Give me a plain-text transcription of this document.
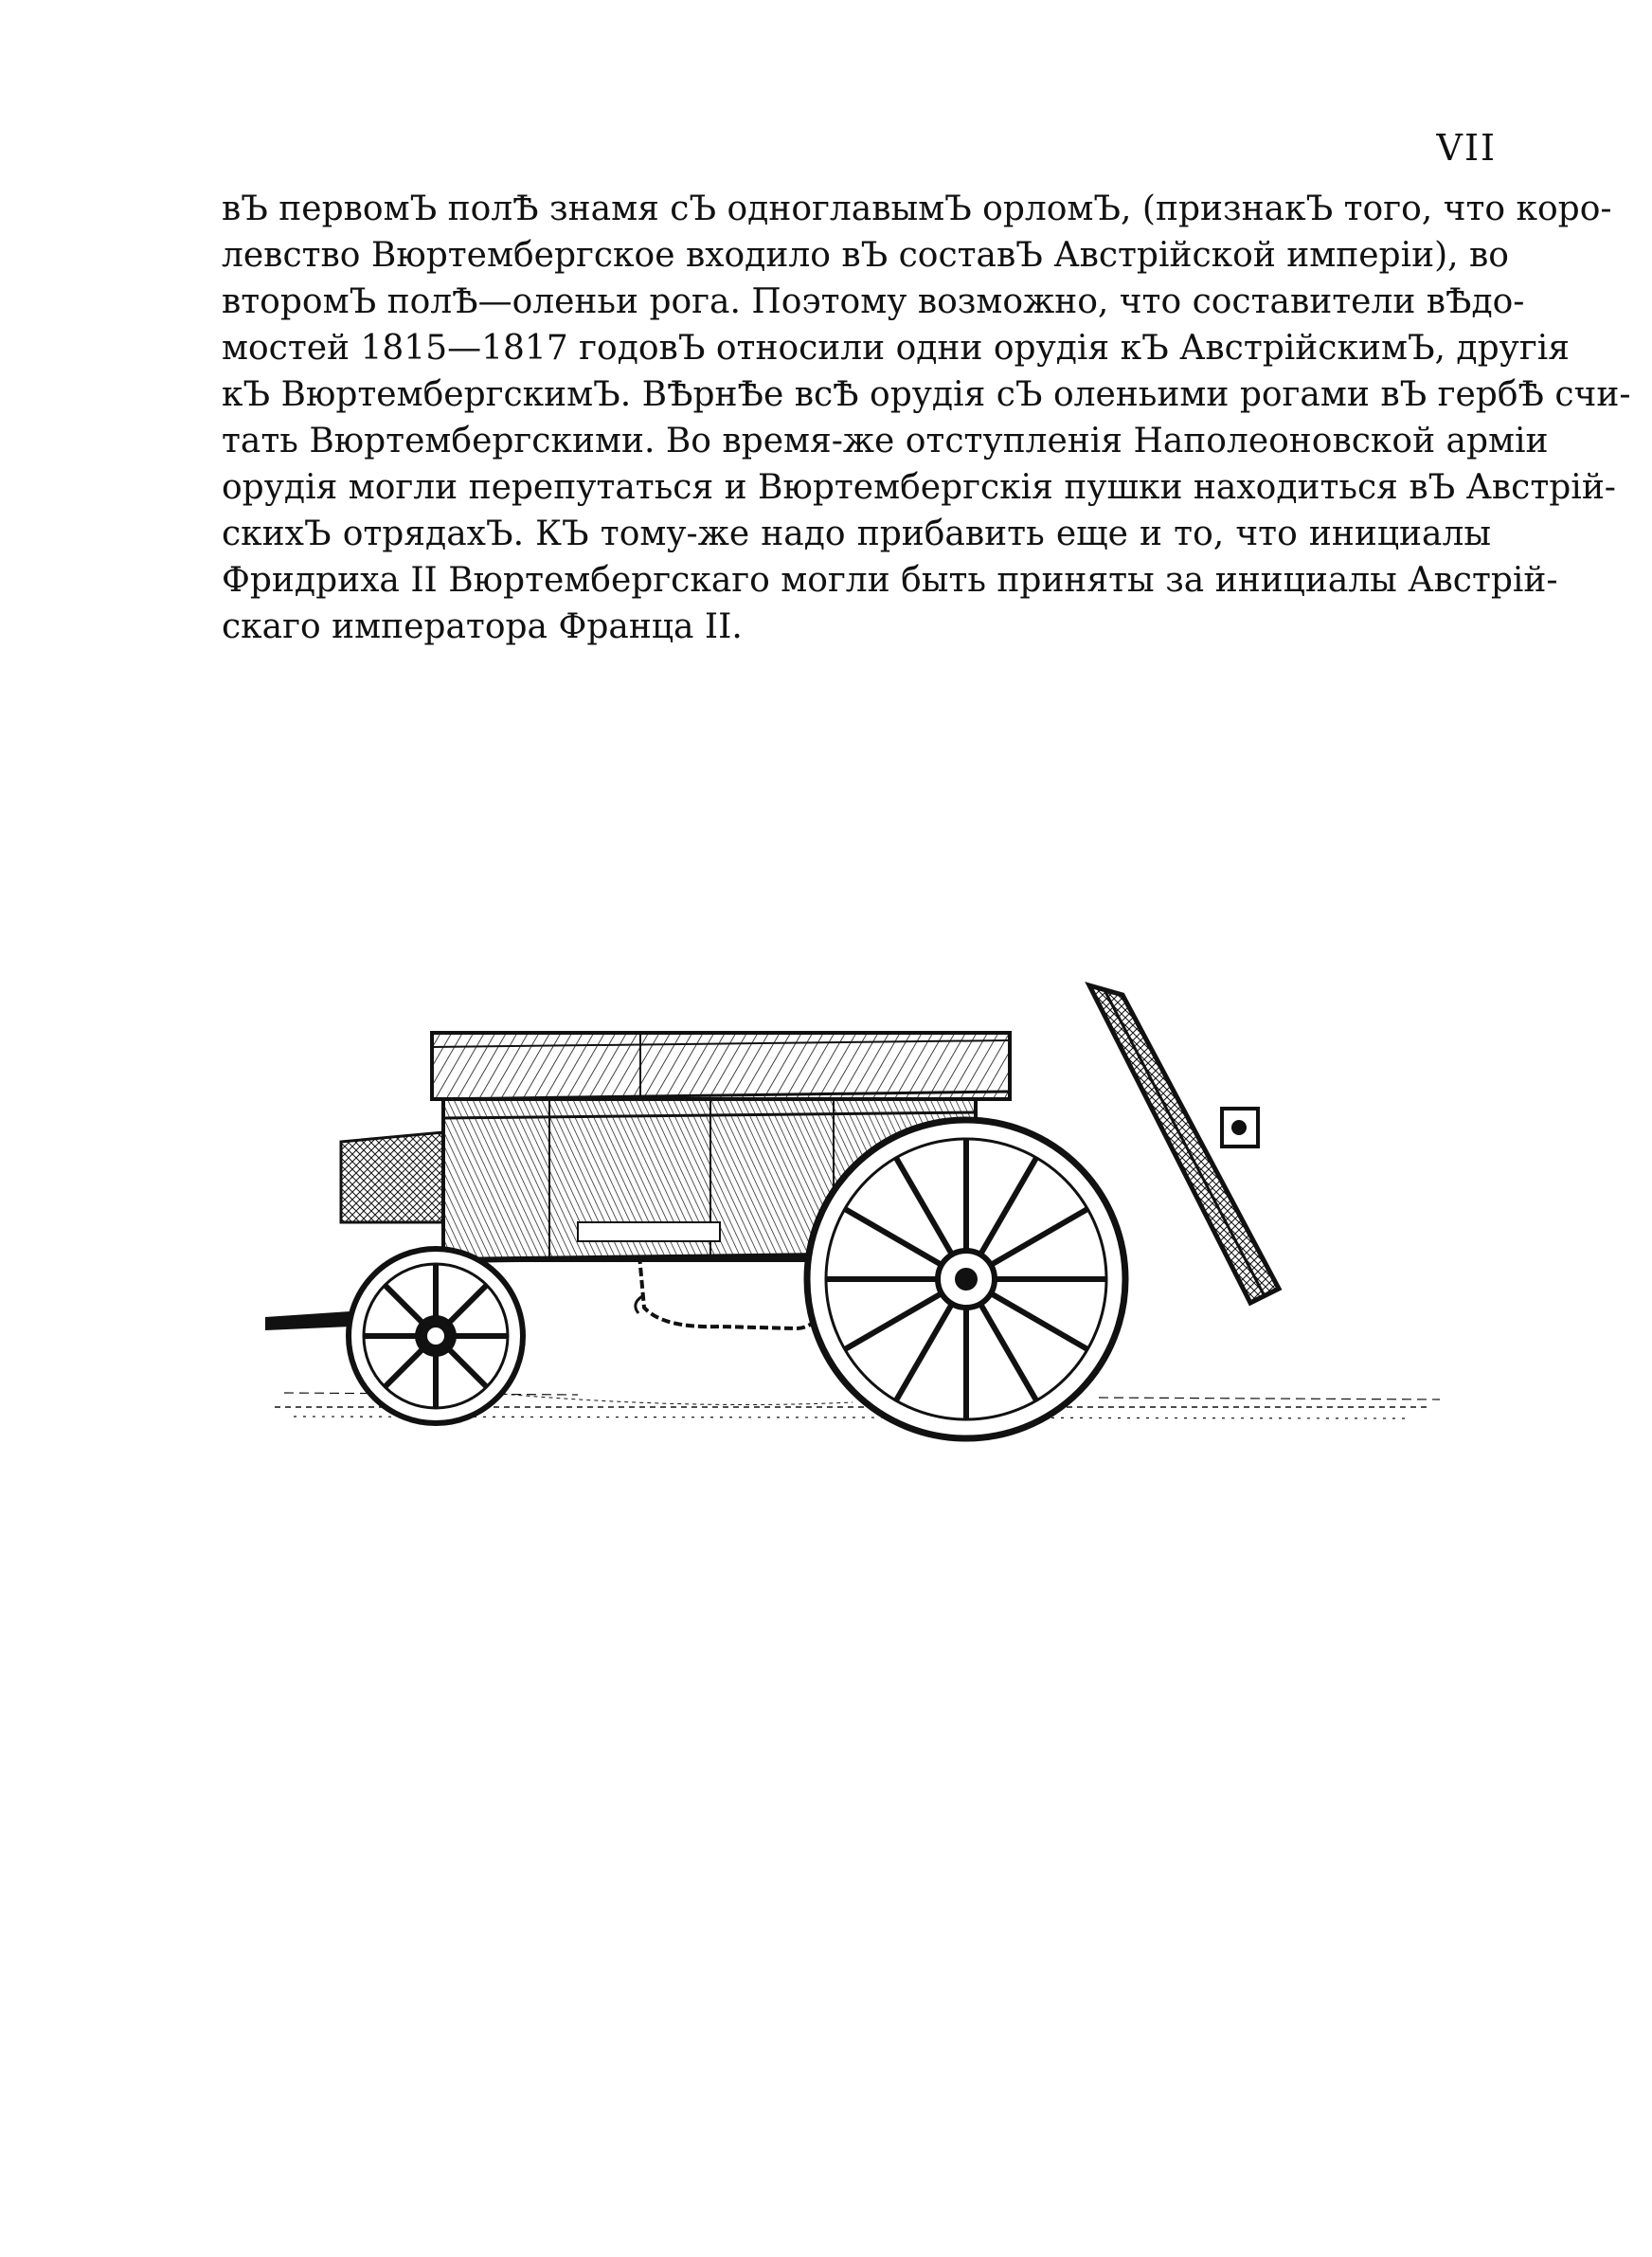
VII
вЪ первомЪ полѢ знамя сЪ одноглавымЪ орломЪ, (признакЪ того, что коро-
левство Вюртембергское входило вЪ составЪ Австрiйской имперiи), во
второмЪ полѢ—оленьи рога. Поэтому возможно, что составители вѢдо-
мостей 1815—1817 годовЪ относили одни орудiя кЪ АвстрiйскимЪ, другiя
кЪ ВюртембергскимЪ. ВѢрнѢе всѢ орудiя сЪ оленьими рогами вЪ гербѢ счи-
тать Вюртембергскими. Во время-же отступленiя Наполеоновской армiи
орудiя могли перепутаться и Вюртембергскiя пушки находиться вЪ Австрiй-
скихЪ отрядахЪ. КЪ тому-же надо прибавить еще и то, что инициалы
Фридриха II Вюртембергскаго могли быть приняты за инициалы Австрiй-
скаго императора Франца II.
